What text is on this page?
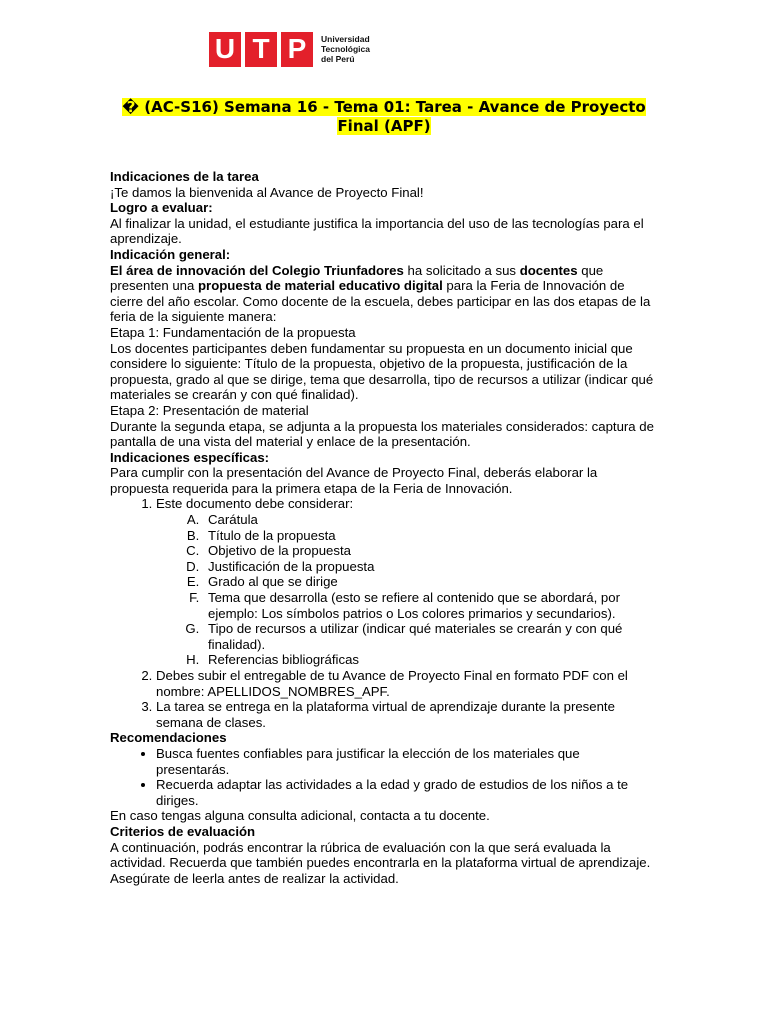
U T P	Universidad
Tecnológica
del Perú
� (AC-S16) Semana 16 - Tema 01: Tarea - Avance de Proyecto Final (APF)

Indicaciones de la tarea

¡Te damos la bienvenida al Avance de Proyecto Final!

Logro a evaluar:

Al finalizar la unidad, el estudiante justifica la importancia del uso de las tecnologías para el aprendizaje.

Indicación general:

El área de innovación del Colegio Triunfadores ha solicitado a sus docentes que presenten una propuesta de material educativo digital para la Feria de Innovación de cierre del año escolar. Como docente de la escuela, debes participar en las dos etapas de la feria de la siguiente manera:

Etapa 1: Fundamentación de la propuesta

Los docentes participantes deben fundamentar su propuesta en un documento inicial que considere lo siguiente: Título de la propuesta, objetivo de la propuesta, justificación de la propuesta, grado al que se dirige, tema que desarrolla, tipo de recursos a utilizar (indicar qué materiales se crearán y con qué finalidad).

Etapa 2: Presentación de material

Durante la segunda etapa, se adjunta a la propuesta los materiales considerados: captura de pantalla de una vista del material y enlace de la presentación.

Indicaciones específicas:

Para cumplir con la presentación del Avance de Proyecto Final, deberás elaborar la propuesta requerida para la primera etapa de la Feria de Innovación.

1. Este documento debe considerar:
A. Carátula
B. Título de la propuesta
C. Objetivo de la propuesta
D. Justificación de la propuesta
E. Grado al que se dirige
F. Tema que desarrolla (esto se refiere al contenido que se abordará, por ejemplo: Los símbolos patrios o Los colores primarios y secundarios).
G. Tipo de recursos a utilizar (indicar qué materiales se crearán y con qué finalidad).
H. Referencias bibliográficas
2. Debes subir el entregable de tu Avance de Proyecto Final en formato PDF con el nombre: APELLIDOS_NOMBRES_APF.
3. La tarea se entrega en la plataforma virtual de aprendizaje durante la presente semana de clases.

Recomendaciones

• Busca fuentes confiables para justificar la elección de los materiales que presentarás.
• Recuerda adaptar las actividades a la edad y grado de estudios de los niños a te diriges.

En caso tengas alguna consulta adicional, contacta a tu docente.

Criterios de evaluación

A continuación, podrás encontrar la rúbrica de evaluación con la que será evaluada la actividad. Recuerda que también puedes encontrarla en la plataforma virtual de aprendizaje. Asegúrate de leerla antes de realizar la actividad.
